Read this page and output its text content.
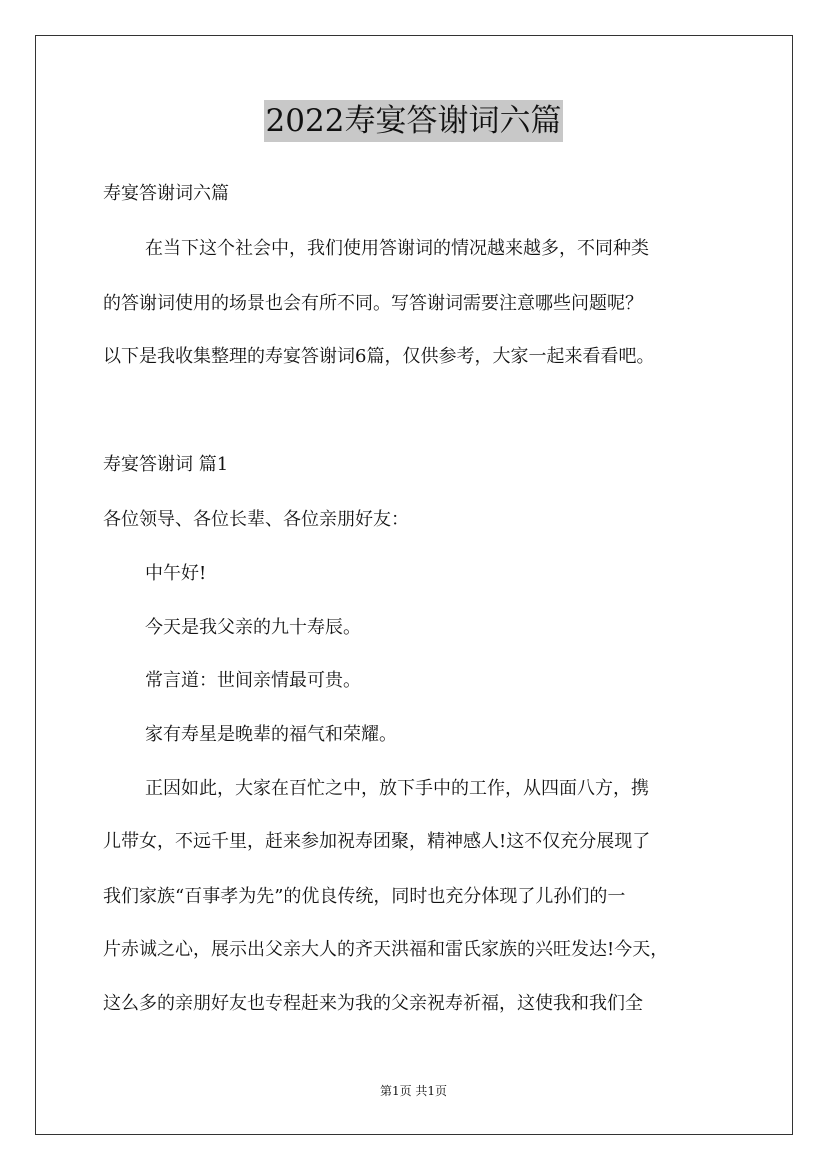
2022寿宴答谢词六篇
寿宴答谢词六篇
在当下这个社会中，我们使用答谢词的情况越来越多，不同种类
的答谢词使用的场景也会有所不同。写答谢词需要注意哪些问题呢？
以下是我收集整理的寿宴答谢词6篇，仅供参考，大家一起来看看吧。
寿宴答谢词 篇1
各位领导、各位长辈、各位亲朋好友：
中午好!
今天是我父亲的九十寿辰。
常言道：世间亲情最可贵。
家有寿星是晚辈的福气和荣耀。
正因如此，大家在百忙之中，放下手中的工作，从四面八方，携
儿带女，不远千里，赶来参加祝寿团聚，精神感人!这不仅充分展现了
我们家族“百事孝为先”的优良传统，同时也充分体现了儿孙们的一
片赤诚之心，展示出父亲大人的齐天洪福和雷氏家族的兴旺发达!今天，
这么多的亲朋好友也专程赶来为我的父亲祝寿祈福，这使我和我们全
第1页 共1页
